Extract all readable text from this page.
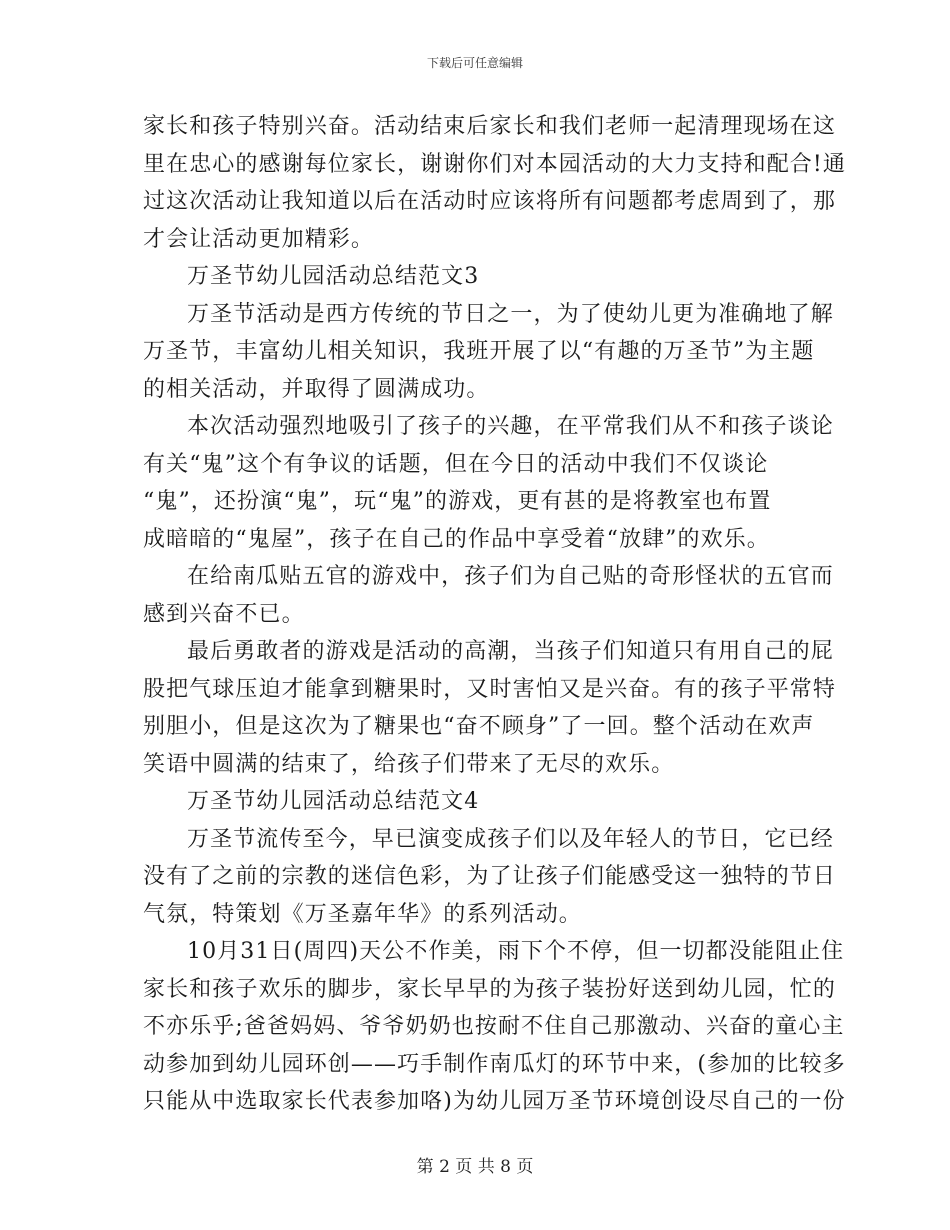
下载后可任意编辑
家长和孩子特别兴奋。活动结束后家长和我们老师一起清理现场在这
里在忠心的感谢每位家长，谢谢你们对本园活动的大力支持和配合!通
过这次活动让我知道以后在活动时应该将所有问题都考虑周到了，那
才会让活动更加精彩。
万圣节幼儿园活动总结范文3
万圣节活动是西方传统的节日之一，为了使幼儿更为准确地了解
万圣节，丰富幼儿相关知识，我班开展了以“有趣的万圣节”为主题
的相关活动，并取得了圆满成功。
本次活动强烈地吸引了孩子的兴趣，在平常我们从不和孩子谈论
有关“鬼”这个有争议的话题，但在今日的活动中我们不仅谈论
“鬼”，还扮演“鬼”，玩“鬼”的游戏，更有甚的是将教室也布置
成暗暗的“鬼屋”，孩子在自己的作品中享受着“放肆”的欢乐。
在给南瓜贴五官的游戏中，孩子们为自己贴的奇形怪状的五官而
感到兴奋不已。
最后勇敢者的游戏是活动的高潮，当孩子们知道只有用自己的屁
股把气球压迫才能拿到糖果时，又时害怕又是兴奋。有的孩子平常特
别胆小，但是这次为了糖果也“奋不顾身”了一回。整个活动在欢声
笑语中圆满的结束了，给孩子们带来了无尽的欢乐。
万圣节幼儿园活动总结范文4
万圣节流传至今，早已演变成孩子们以及年轻人的节日，它已经
没有了之前的宗教的迷信色彩，为了让孩子们能感受这一独特的节日
气氛，特策划《万圣嘉年华》的系列活动。
10月31日(周四)天公不作美，雨下个不停，但一切都没能阻止住
家长和孩子欢乐的脚步，家长早早的为孩子装扮好送到幼儿园，忙的
不亦乐乎;爸爸妈妈、爷爷奶奶也按耐不住自己那激动、兴奋的童心主
动参加到幼儿园环创——巧手制作南瓜灯的环节中来，(参加的比较多
只能从中选取家长代表参加咯)为幼儿园万圣节环境创设尽自己的一份
第 2 页 共 8 页
